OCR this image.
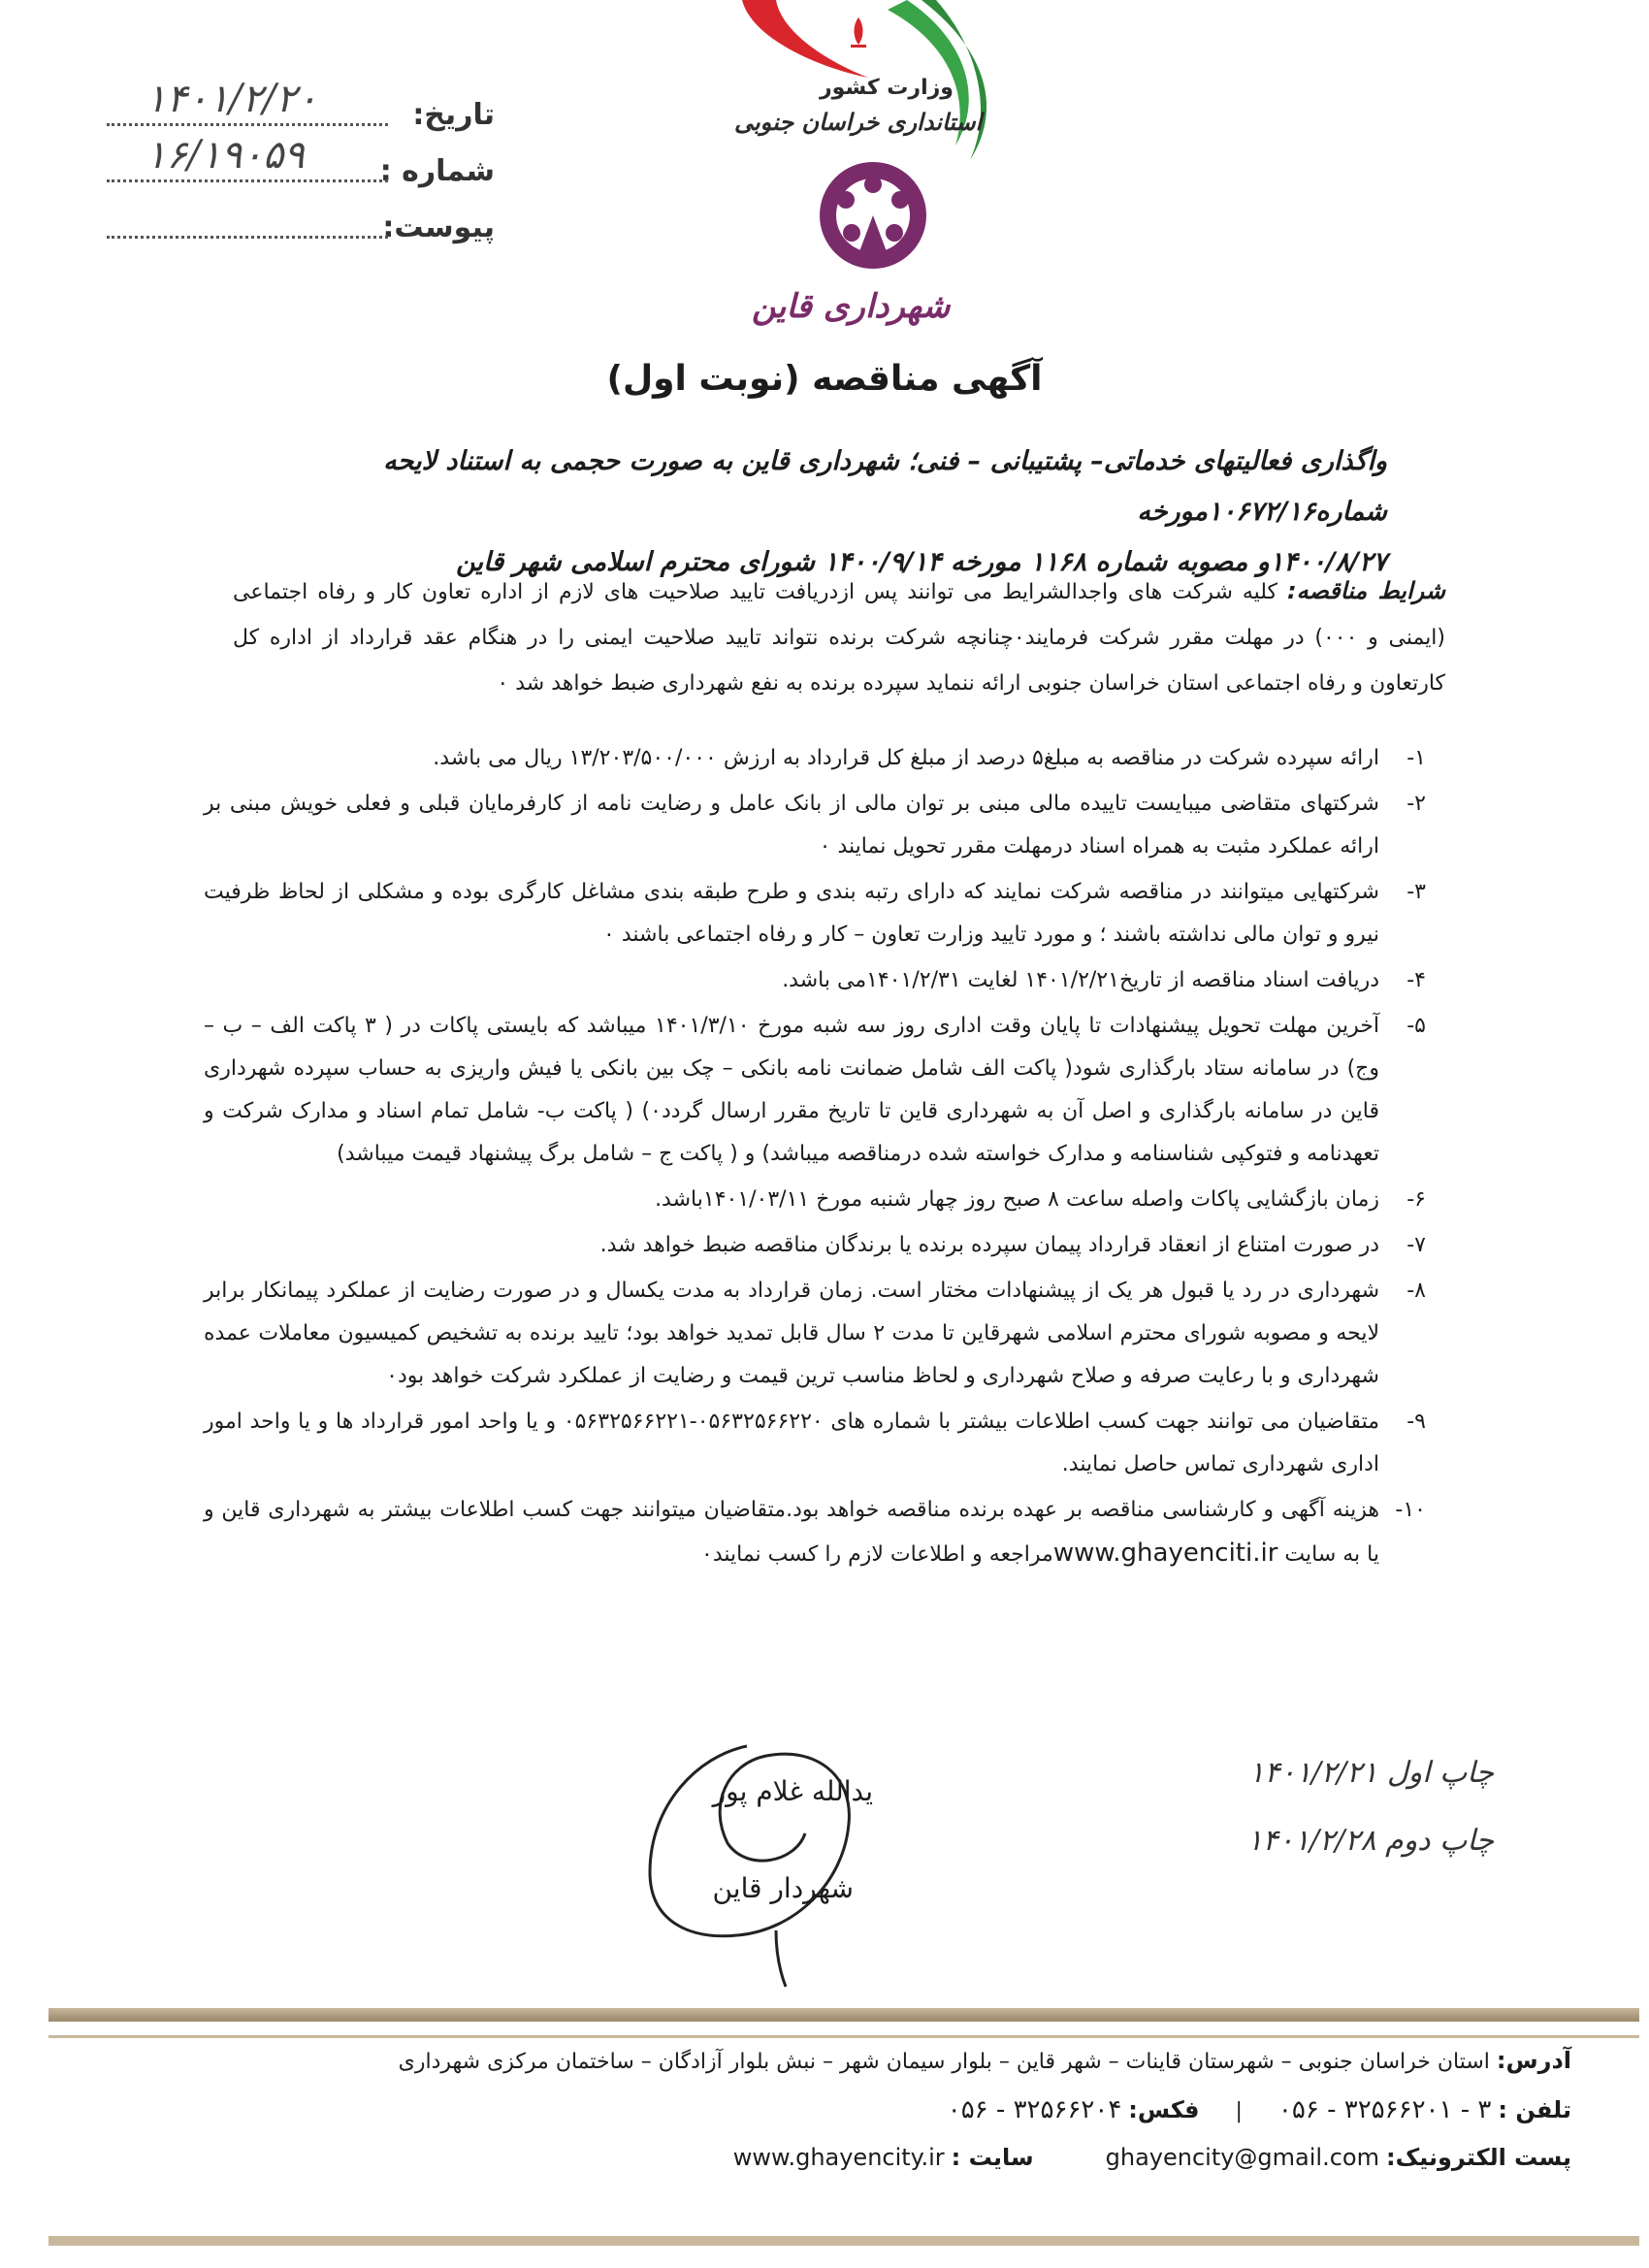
تاریخ:
۱۴۰۱/۲/۲۰
شماره :
۱۶/۱۹۰۵۹
پیوست:
وزارت کشور
استانداری خراسان جنوبی
شهرداری قاین
آگهی مناقصه (نوبت اول)
واگذاری فعالیتهای خدماتی– پشتیبانی – فنی؛ شهرداری قاین به صورت حجمی به استناد لایحه شماره۱۰۶۷۲/۱۶مورخه
۱۴۰۰/۸/۲۷و مصوبه شماره ۱۱۶۸ مورخه ۱۴۰۰/۹/۱۴ شورای محترم اسلامی شهر قاین
شرایط مناقصه: کلیه شرکت های واجدالشرایط می توانند پس ازدریافت تایید صلاحیت های لازم از اداره تعاون کار و رفاه اجتماعی (ایمنی و ۰۰۰) در مهلت مقرر شرکت فرمایند٠چنانچه شرکت برنده نتواند تایید صلاحیت ایمنی را در هنگام عقد قرارداد از اداره کل کارتعاون و رفاه اجتماعی استان خراسان جنوبی ارائه ننماید سپرده برنده به نفع شهرداری ضبط خواهد شد ٠
۱-
ارائه سپرده شرکت در مناقصه به مبلغ۵ درصد از مبلغ کل قرارداد به ارزش ۱۳/۲۰۳/۵۰۰/۰۰۰ ریال می باشد.
۲-
شرکتهای متقاضی میبایست تاییده مالی مبنی بر توان مالی از بانک عامل و رضایت نامه از کارفرمایان قبلی و فعلی خویش مبنی بر ارائه عملکرد مثبت به همراه اسناد درمهلت مقرر تحویل نمایند ٠
۳-
شرکتهایی میتوانند در مناقصه شرکت نمایند که دارای رتبه بندی و طرح طبقه بندی مشاغل کارگری بوده و مشکلی از لحاظ ظرفیت نیرو و توان مالی نداشته باشند ؛ و مورد تایید وزارت تعاون – کار و رفاه اجتماعی باشند ٠
۴-
دریافت اسناد مناقصه از تاریخ۱۴۰۱/۲/۲۱ لغایت ۱۴۰۱/۲/۳۱می باشد.
۵-
آخرین مهلت تحویل پیشنهادات تا پایان وقت اداری روز سه شبه مورخ ۱۴۰۱/۳/۱۰ میباشد که بایستی پاکات در ( ۳ پاکت الف – ب – وج) در سامانه ستاد بارگذاری شود( پاکت الف شامل ضمانت نامه بانکی – چک بین بانکی یا فیش واریزی به حساب سپرده شهرداری قاین در سامانه بارگذاری و اصل آن به شهرداری قاین تا تاریخ مقرر ارسال گردد٠) ( پاکت ب- شامل تمام اسناد و مدارک شرکت و تعهدنامه و فتوکپی شناسنامه و مدارک خواسته شده درمناقصه میباشد) و ( پاکت ج – شامل برگ پیشنهاد قیمت میباشد)
۶-
زمان بازگشایی پاکات واصله ساعت ۸ صبح روز چهار شنبه مورخ ۱۴۰۱/۰۳/۱۱باشد.
۷-
در صورت امتناع از انعقاد قرارداد پیمان سپرده برنده یا برندگان مناقصه ضبط خواهد شد.
۸-
شهرداری در رد یا قبول هر یک از پیشنهادات مختار است. زمان قرارداد به مدت یکسال و در صورت رضایت از عملکرد پیمانکار برابر لایحه و مصوبه شورای محترم اسلامی شهرقاین تا مدت ۲ سال قابل تمدید خواهد بود؛ تایید برنده به تشخیص کمیسیون معاملات عمده شهرداری و با رعایت صرفه و صلاح شهرداری و لحاظ مناسب ترین قیمت و رضایت از عملکرد شرکت خواهد بود٠
۹-
متقاضیان می توانند جهت کسب اطلاعات بیشتر با شماره های ۰۵۶۳۲۵۶۶۲۲۰-۰۵۶۳۲۵۶۶۲۲۱ و یا واحد امور قرارداد ها و یا واحد امور اداری شهرداری تماس حاصل نمایند.
۱۰-
هزینه آگهی و کارشناسی مناقصه بر عهده برنده مناقصه خواهد بود.متقاضیان میتوانند جهت کسب اطلاعات بیشتر به شهرداری قاین و یا به سایت www.ghayenciti.irمراجعه و اطلاعات لازم را کسب نمایند٠
یدالله غلام پور
شهردار قاین
چاپ اول ۱۴۰۱/۲/۲۱
چاپ دوم ۱۴۰۱/۲/۲۸
آدرس: استان خراسان جنوبی – شهرستان قاینات – شهر قاین – بلوار سیمان شهر – نبش بلوار آزادگان – ساختمان مرکزی شهرداری
تلفن : ۳ - ۳۲۵۶۶۲۰۱ - ۰۵۶ | فکس: ۳۲۵۶۶۲۰۴ - ۰۵۶
پست الکترونیک: ghayencity@gmail.com  سایت : www.ghayencity.ir
